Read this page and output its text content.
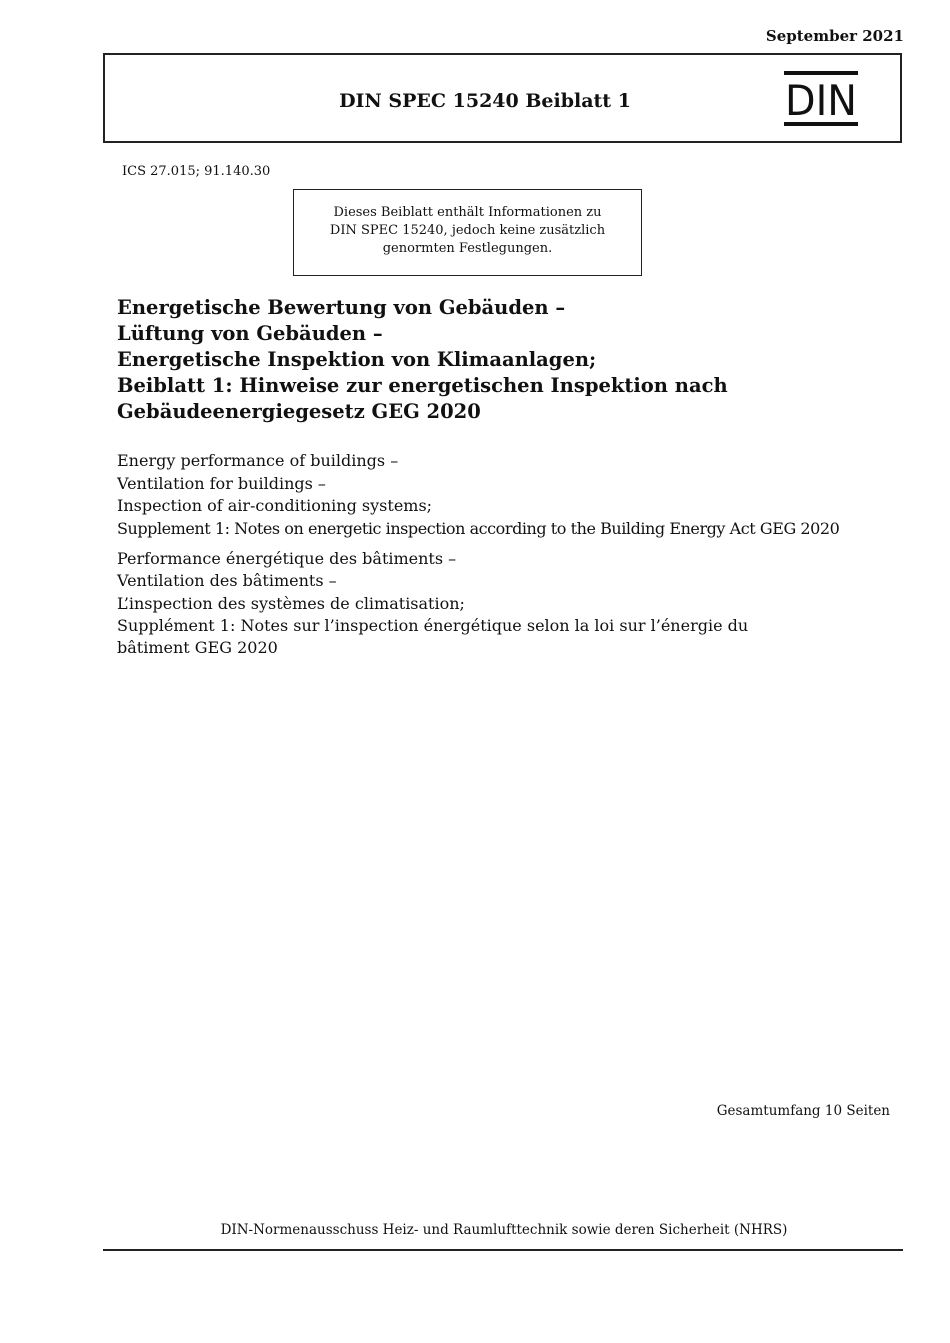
September 2021
DIN SPEC 15240 Beiblatt 1	DIN
ICS 27.015; 91.140.30
Dieses Beiblatt enthält Informationen zu
DIN SPEC 15240, jedoch keine zusätzlich
genormten Festlegungen.
Energetische Bewertung von Gebäuden –
Lüftung von Gebäuden –
Energetische Inspektion von Klimaanlagen;
Beiblatt 1: Hinweise zur energetischen Inspektion nach
Gebäudeenergiegesetz GEG 2020
Energy performance of buildings –
Ventilation for buildings –
Inspection of air-conditioning systems;
Supplement 1: Notes on energetic inspection according to the Building Energy Act GEG 2020
Performance énergétique des bâtiments –
Ventilation des bâtiments –
L’inspection des systèmes de climatisation;
Supplément 1: Notes sur l’inspection énergétique selon la loi sur l’énergie du
bâtiment GEG 2020
Gesamtumfang 10 Seiten
DIN-Normenausschuss Heiz- und Raumlufttechnik sowie deren Sicherheit (NHRS)
